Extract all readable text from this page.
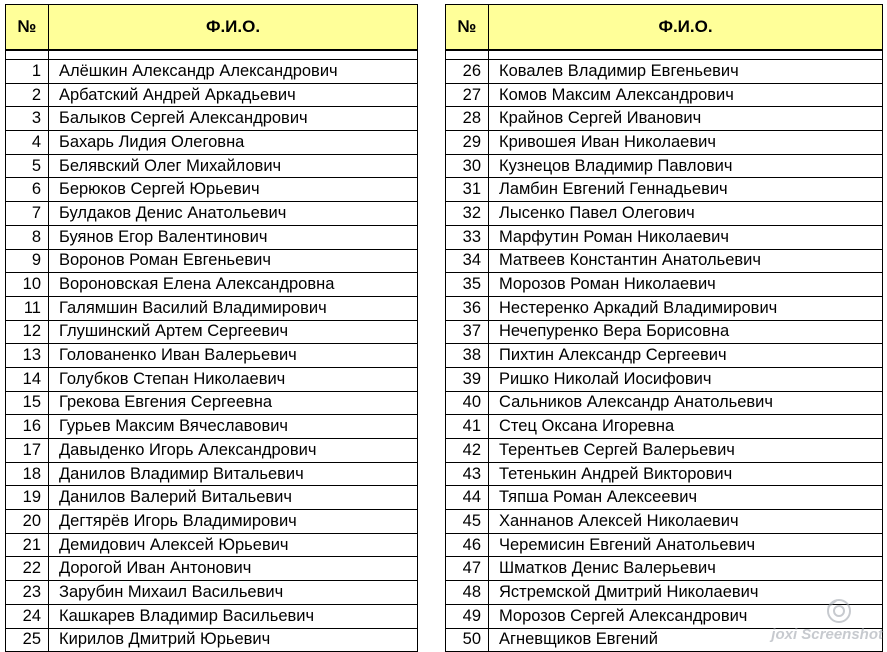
№	Ф.И.О.

1	Алёшкин Александр Александрович
2	Арбатский Андрей Аркадьевич
3	Балыков Сергей Александрович
4	Бахарь Лидия Олеговна
5	Белявский Олег Михайлович
6	Берюков Сергей Юрьевич
7	Булдаков Денис Анатольевич
8	Буянов Егор Валентинович
9	Воронов Роман Евгеньевич
10	Вороновская Елена Александровна
11	Галямшин Василий Владимирович
12	Глушинский Артем Сергеевич
13	Голованенко Иван Валерьевич
14	Голубков Степан Николаевич
15	Грекова Евгения Сергеевна
16	Гурьев Максим Вячеславович
17	Давыденко Игорь Александрович
18	Данилов Владимир Витальевич
19	Данилов Валерий Витальевич
20	Дегтярёв Игорь Владимирович
21	Демидович Алексей Юрьевич
22	Дорогой Иван Антонович
23	Зарубин Михаил Васильевич
24	Кашкарев Владимир Васильевич
25	Кирилов Дмитрий Юрьевич
№	Ф.И.О.

26	Ковалев Владимир Евгеньевич
27	Комов Максим Александрович
28	Крайнов Сергей Иванович
29	Кривошея Иван Николаевич
30	Кузнецов Владимир Павлович
31	Ламбин Евгений Геннадьевич
32	Лысенко Павел Олегович
33	Марфутин Роман Николаевич
34	Матвеев Константин Анатольевич
35	Морозов Роман Николаевич
36	Нестеренко Аркадий Владимирович
37	Нечепуренко Вера Борисовна
38	Пихтин Александр Сергеевич
39	Ришко Николай Иосифович
40	Сальников Александр Анатольевич
41	Стец Оксана Игоревна
42	Терентьев Сергей Валерьевич
43	Тетенькин Андрей Викторович
44	Тяпша Роман Алексеевич
45	Ханнанов Алексей Николаевич
46	Черемисин Евгений Анатольевич
47	Шматков Денис Валерьевич
48	Ястремской Дмитрий Николаевич
49	Морозов Сергей Александрович
50	Агневщиков Евгений	joxi Screenshot
